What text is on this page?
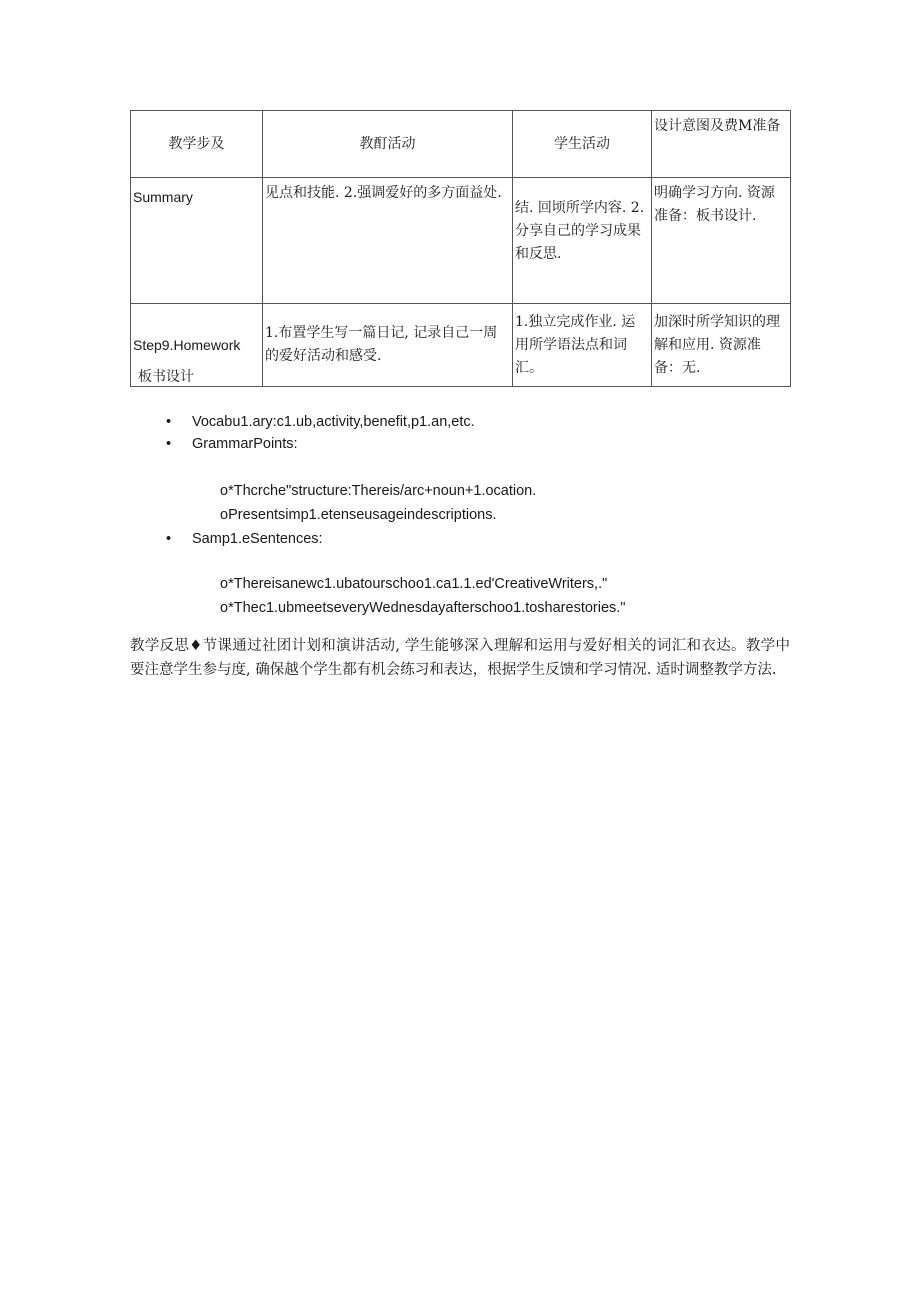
教学步及	教酊活动	学生活动	设计意图及费M准备
Summary	见点和技能. 2.强调爱好的多方面益处.	结. 回顷所学内容. 2.分享自己的学习成果和反思.	明确学习方向. 资源准备：板书设计.
Step9.Homework	1.布置学生写一篇日记, 记录自己一周的爱好活动和感受.	1.独立完成作业. 运用所学语法点和词汇。	加深时所学知识的理解和应用. 资源准备：无.
板书设计
• Vocabu1.ary:c1.ub,activity,benefit,p1.an,etc.
• GrammarPoints:
o*Thcrche"structure:Thereis/arc+noun+1.ocation.
oPresentsimp1.etenseusageindescriptions.
• Samp1.eSentences:
o*Thereisanewc1.ubatourschoo1.ca1.1.ed'CreativeWriters,."
o*Thec1.ubmeetseveryWednesdayafterschoo1.tosharestories."
教学反思♦节课通过社团计划和演讲活动, 学生能够深入理解和运用与爱好相关的词汇和衣达。教学中要注意学生参与度, 确保越个学生都有机会练习和表达，根据学生反馈和学习情况. 适时调整教学方法.
